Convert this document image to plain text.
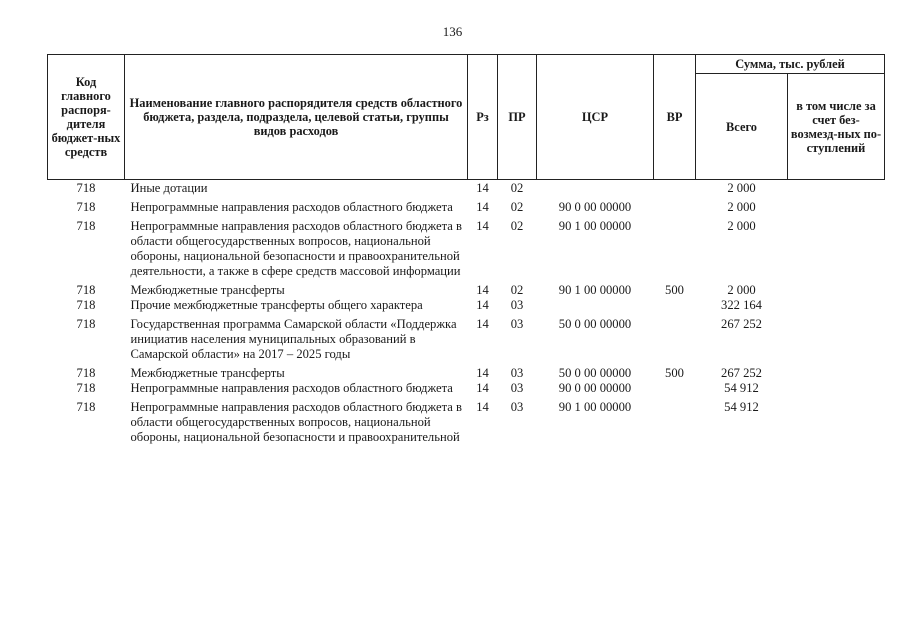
136
Код главного распоря-дителя бюджет-ных средств	Наименование главного распорядителя средств областного бюджета, раздела, подраздела, целевой статьи, группы видов расходов	Рз	ПР	ЦСР	ВР	Сумма, тыс. рублей	
						Всего	в том числе за счет без-возмезд-ных по-ступлений
718	Иные дотации	14	02			2 000	
718	Непрограммные направления расходов областного бюджета	14	02	90 0 00 00000		2 000	
718	Непрограммные направления расходов областного бюджета в области общегосударственных вопросов, национальной обороны, национальной безопасности и правоохранительной деятельности, а также в сфере средств массовой информации	14	02	90 1 00 00000		2 000	
718	Межбюджетные трансферты	14	02	90 1 00 00000	500	2 000	
718	Прочие межбюджетные трансферты общего характера	14	03			322 164	
718	Государственная программа Самарской области «Поддержка инициатив населения муниципальных образований в Самарской области» на 2017 – 2025 годы	14	03	50 0 00 00000		267 252	
718	Межбюджетные трансферты	14	03	50 0 00 00000	500	267 252	
718	Непрограммные направления расходов областного бюджета	14	03	90 0 00 00000		54 912	
718	Непрограммные направления расходов областного бюджета в области общегосударственных вопросов, национальной обороны, национальной безопасности и правоохранительной	14	03	90 1 00 00000		54 912	
